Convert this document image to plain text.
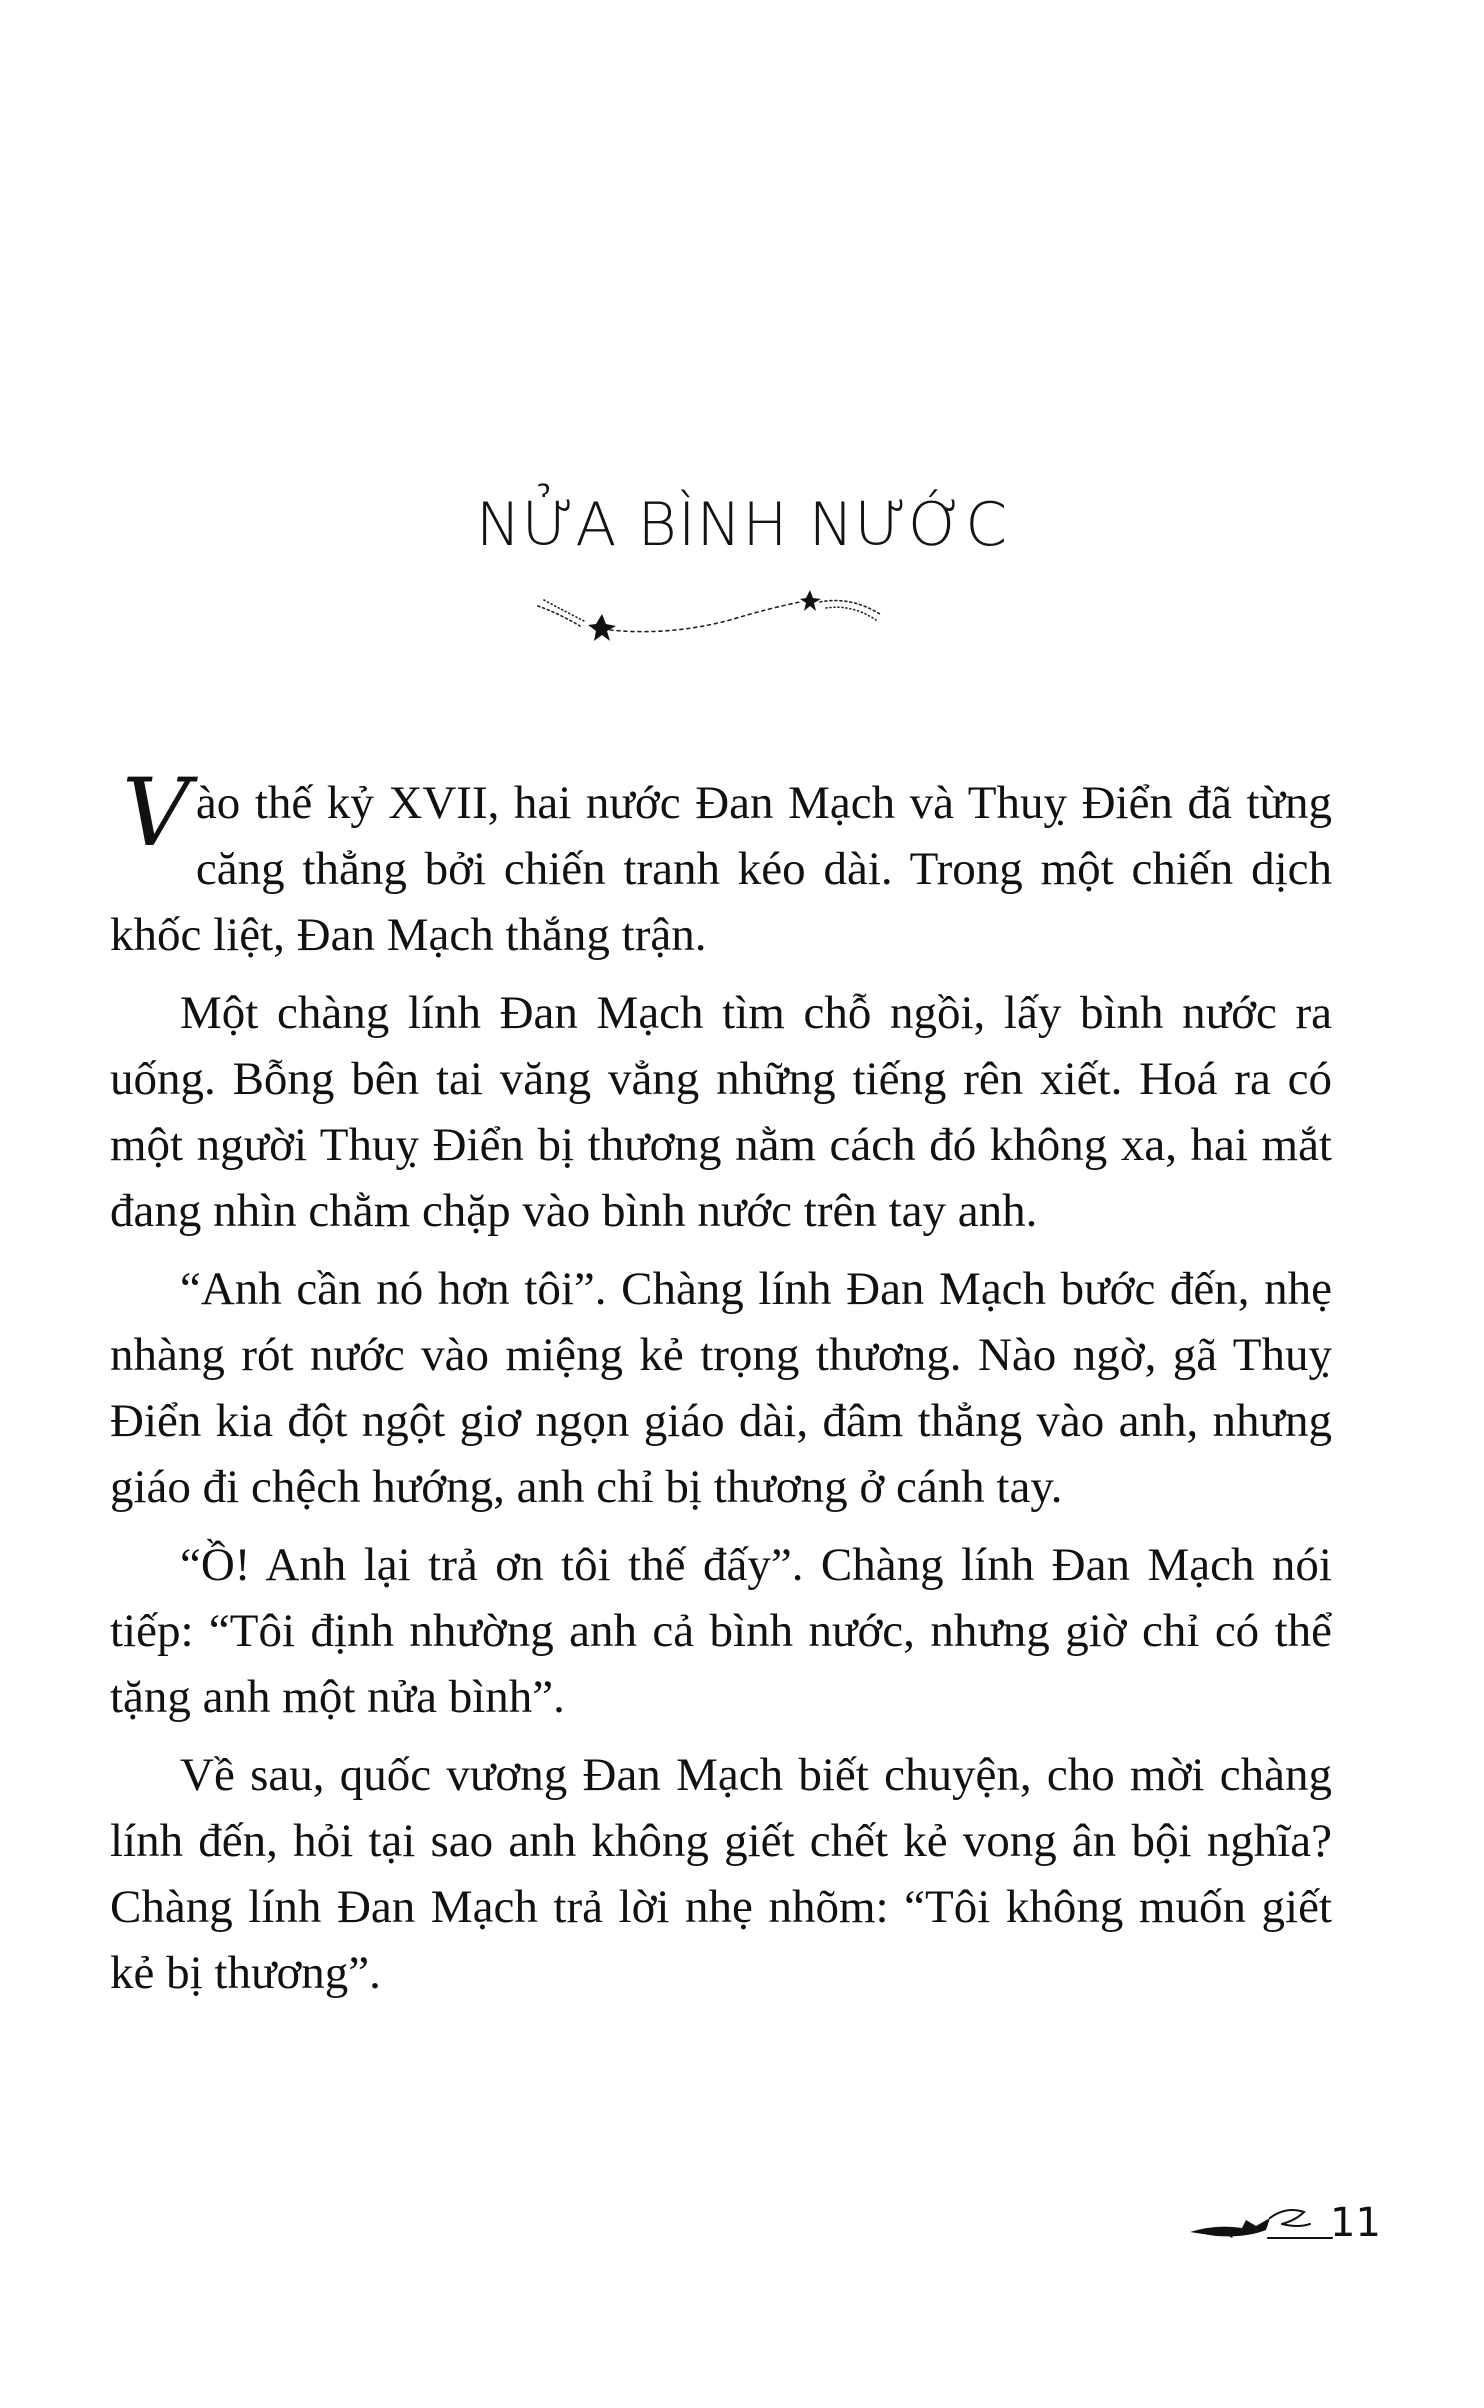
NỬA BÌNH NƯỚC

Vào thế kỷ XVII, hai nước Đan Mạch và Thuỵ Điển đã từng căng thẳng bởi chiến tranh kéo dài. Trong một chiến dịch khốc liệt, Đan Mạch thắng trận.

Một chàng lính Đan Mạch tìm chỗ ngồi, lấy bình nước ra uống. Bỗng bên tai văng vẳng những tiếng rên xiết. Hoá ra có một người Thuỵ Điển bị thương nằm cách đó không xa, hai mắt đang nhìn chằm chặp vào bình nước trên tay anh.

“Anh cần nó hơn tôi”. Chàng lính Đan Mạch bước đến, nhẹ nhàng rót nước vào miệng kẻ trọng thương. Nào ngờ, gã Thuỵ Điển kia đột ngột giơ ngọn giáo dài, đâm thẳng vào anh, nhưng giáo đi chệch hướng, anh chỉ bị thương ở cánh tay.

“Ồ! Anh lại trả ơn tôi thế đấy”. Chàng lính Đan Mạch nói tiếp: “Tôi định nhường anh cả bình nước, nhưng giờ chỉ có thể tặng anh một nửa bình”.

Về sau, quốc vương Đan Mạch biết chuyện, cho mời chàng lính đến, hỏi tại sao anh không giết chết kẻ vong ân bội nghĩa? Chàng lính Đan Mạch trả lời nhẹ nhõm: “Tôi không muốn giết kẻ bị thương”.

11
